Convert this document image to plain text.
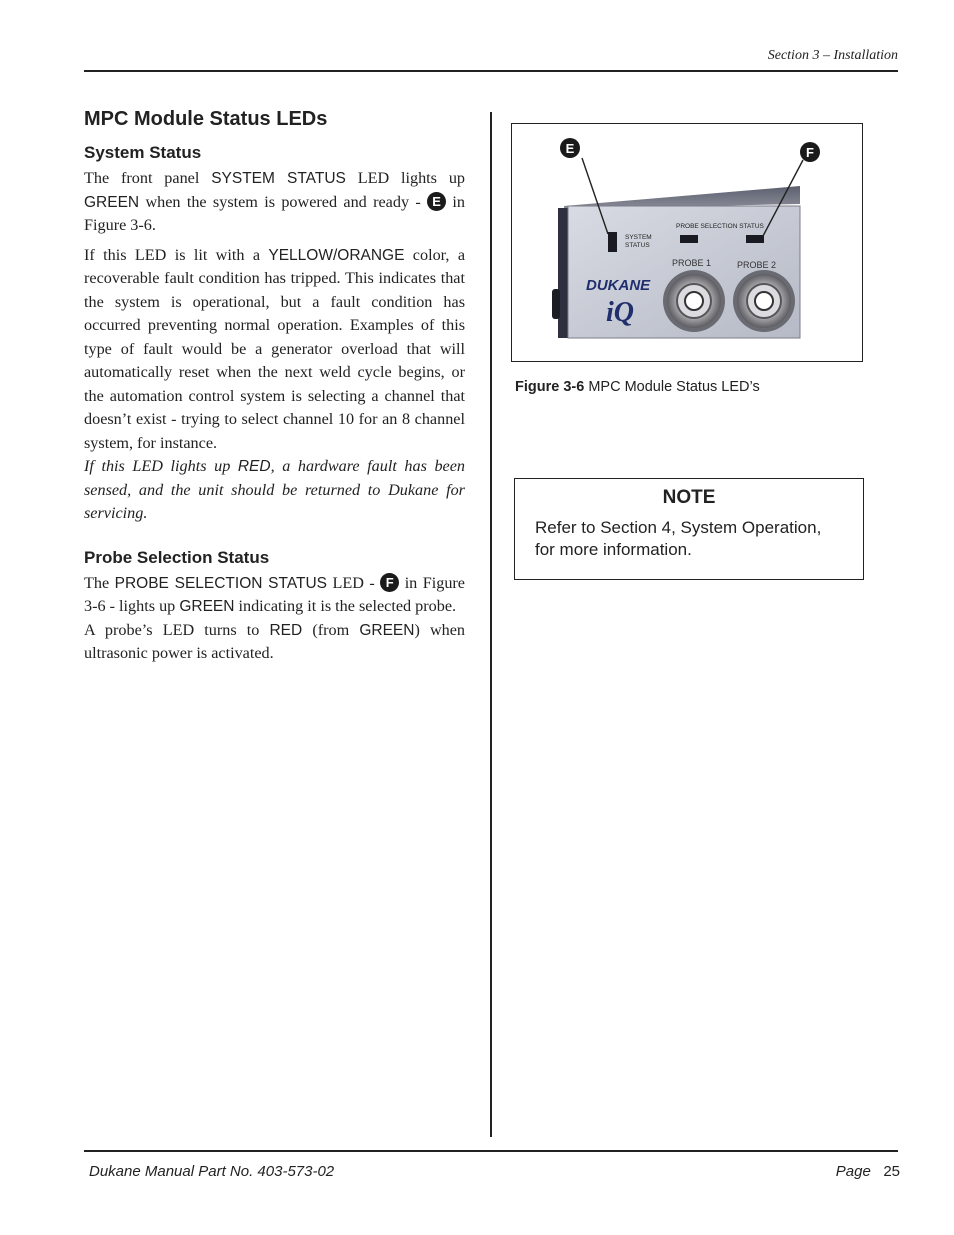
Section 3 – Installation
MPC Module Status LEDs
System Status

The front panel SYSTEM STATUS LED lights up GREEN when the system is powered and ready - E in Figure 3-6.

If this LED is lit with a YELLOW/ORANGE color, a recoverable fault condition has tripped. This indicates that the system is operational, but a fault condition has occurred preventing normal operation. Examples of this type of fault would be a generator overload that will automatically reset when the next weld cycle begins, or the automation control system is selecting a channel that doesn’t exist - trying to select channel 10 for an 8 channel system, for instance.

If this LED lights up RED, a hardware fault has been sensed, and the unit should be returned to Dukane for servicing.

Probe Selection Status

The PROBE SELECTION STATUS LED - F in Figure 3-6 - lights up GREEN indicating it is the selected probe.

A probe’s LED turns to RED (from GREEN) when ultrasonic power is activated.

SYSTEM
STATUS
PROBE SELECTION STATUS
PROBE 1	PROBE 2
DUKANE
iQ
E	F
Figure 3-6 MPC Module Status LED’s
NOTE
Refer to Section 4, System Operation, for more information.
Dukane Manual Part No. 403-573-02	Page 25
